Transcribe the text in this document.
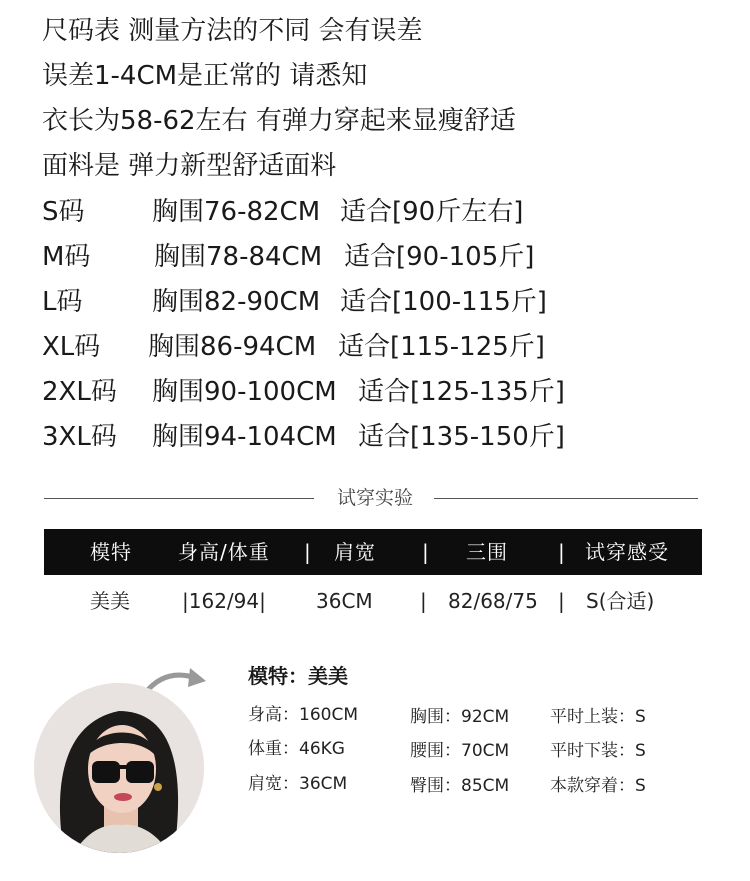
尺码表 测量方法的不同 会有误差
误差1-4CM是正常的 请悉知
衣长为58-62左右 有弹力穿起来显瘦舒适
面料是 弹力新型舒适面料
S码	胸围76-82CM 适合[90斤左右]
M码 胸围78-84CM 适合[90-105斤]
L码	胸围82-90CM 适合[100-115斤]
XL码 胸围86-94CM 适合[115-125斤]
2XL码 胸围90-100CM 适合[125-135斤]
3XL码 胸围94-104CM 适合[135-150斤]
试穿实验
模特 身高/体重 | 肩宽 | 三围	| 试穿感受
美美	|162/94|	36CM | 82/68/75 | S(合适)
模特：美美
身高：160CM	胸围：92CM 平时上装：S
体重：46KG	腰围：70CM 平时下装：S
肩宽：36CM	臀围：85CM 本款穿着：S
